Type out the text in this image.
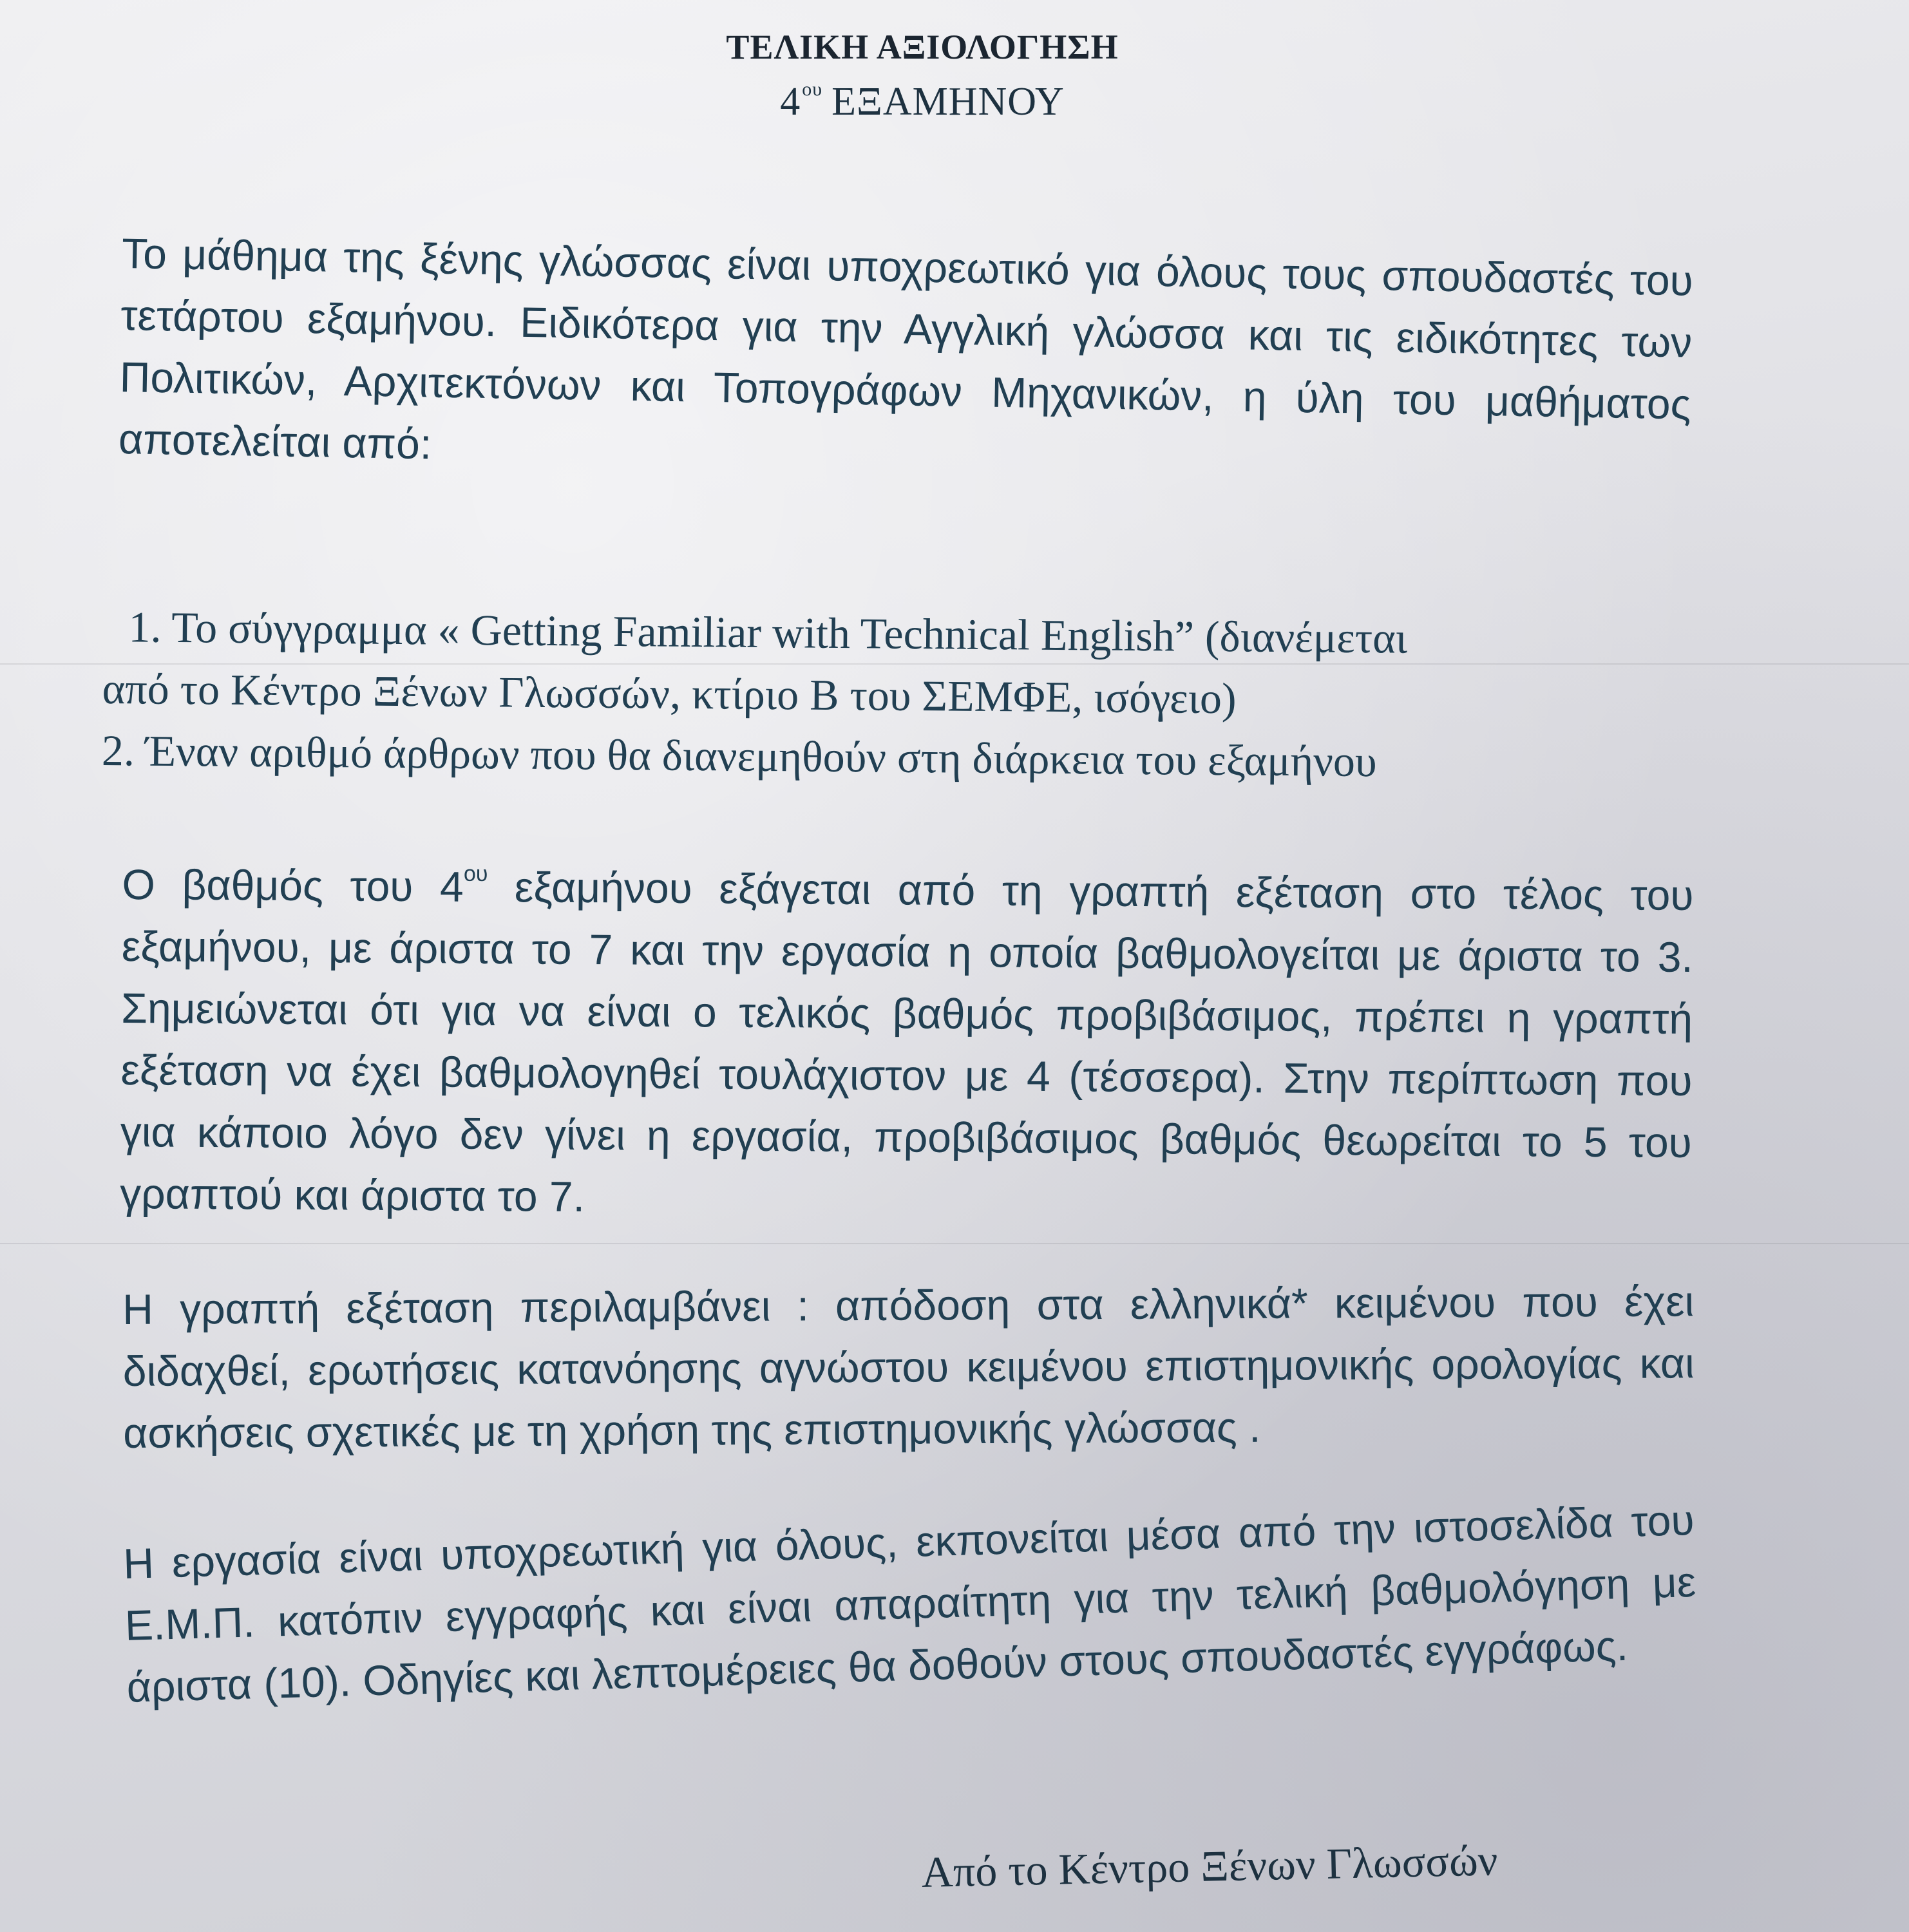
ΤΕΛΙΚΗ ΑΞΙΟΛΟΓΗΣΗ
$4^{o\upsilon}$ ΕΞΑΜΗΝΟΥ
Το μάθημα της ξένης γλώσσας είναι υποχρεωτικό για όλους τους σπουδαστές του τετάρτου εξαμήνου. Ειδικότερα για την Αγγλική γλώσσα και τις ειδικότητες των Πολιτικών, Αρχιτεκτόνων και Τοπογράφων Μηχανικών, η ύλη του μαθήματος αποτελείται από:
1. Το σύγγραμμα « Getting Familiar with Technical English” (διανέμεται
από το Κέντρο Ξένων Γλωσσών, κτίριο Β του ΣΕΜΦΕ, ισόγειο)
2. Έναν αριθμό άρθρων που θα διανεμηθούν στη διάρκεια του εξαμήνου
Ο βαθμός του $4^{o\upsilon}$ εξαμήνου εξάγεται από τη γραπτή εξέταση στο τέλος του εξαμήνου, με άριστα το 7 και την εργασία η οποία βαθμολογείται με άριστα το 3. Σημειώνεται ότι για να είναι ο τελικός βαθμός προβιβάσιμος, πρέπει η γραπτή εξέταση να έχει βαθμολογηθεί τουλάχιστον με 4 (τέσσερα). Στην περίπτωση που για κάποιο λόγο δεν γίνει η εργασία, προβιβάσιμος βαθμός θεωρείται το 5 του γραπτού και άριστα το 7.
Η γραπτή εξέταση περιλαμβάνει : απόδοση στα ελληνικά* κειμένου που έχει διδαχθεί, ερωτήσεις κατανόησης αγνώστου κειμένου επιστημονικής ορολογίας και ασκήσεις σχετικές με τη χρήση της επιστημονικής γλώσσας .
Η εργασία είναι υποχρεωτική για όλους, εκπονείται μέσα από την ιστοσελίδα του Ε.Μ.Π. κατόπιν εγγραφής και είναι απαραίτητη για την τελική βαθμολόγηση με άριστα (10). Οδηγίες και λεπτομέρειες θα δοθούν στους σπουδαστές εγγράφως.
Από το Κέντρο Ξένων Γλωσσών
